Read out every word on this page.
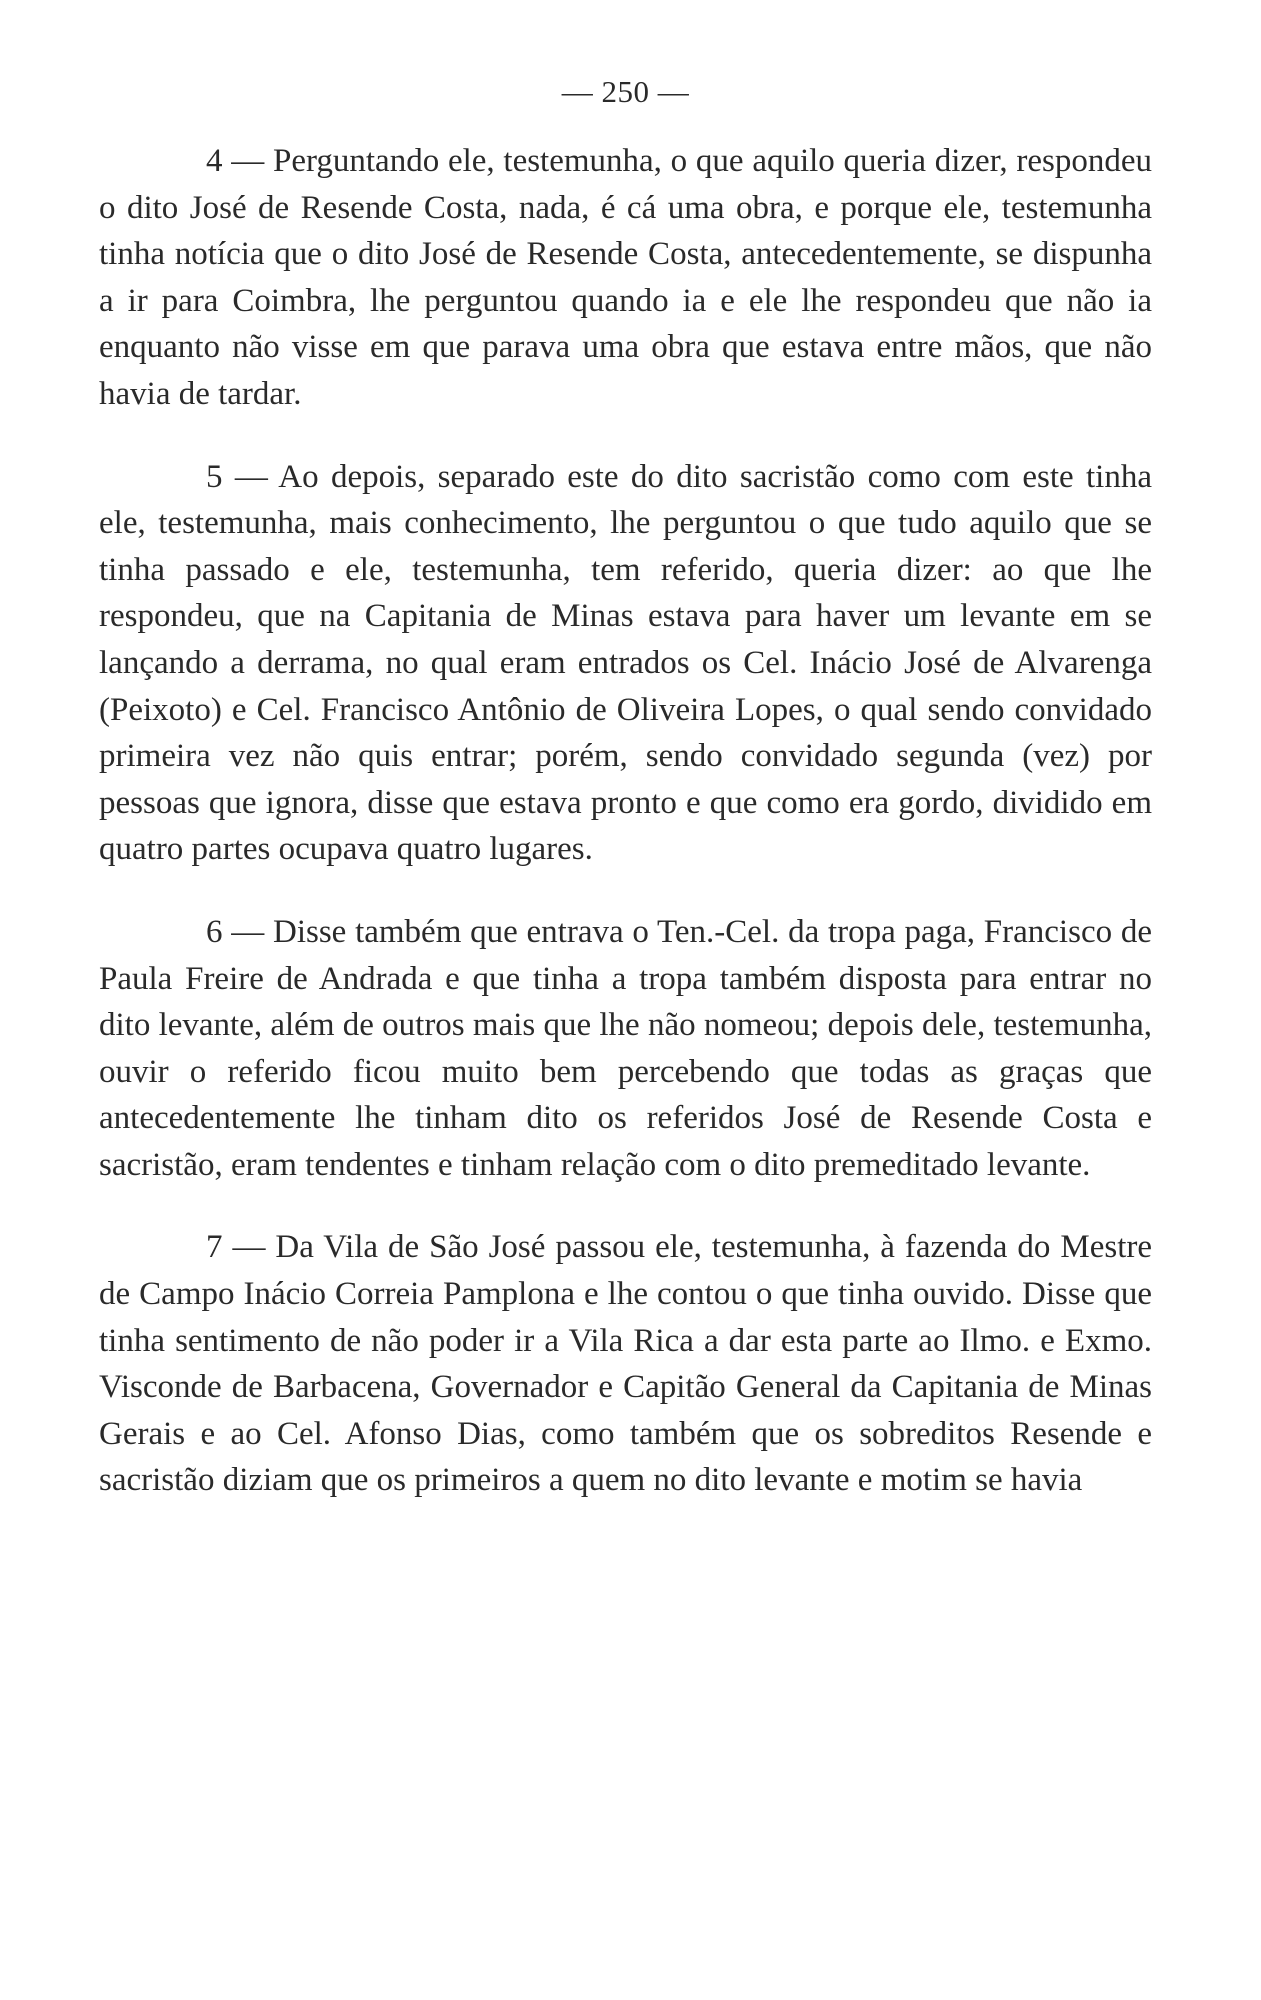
— 250 —

4 — Perguntando ele, testemunha, o que aquilo queria dizer, respondeu o dito José de Resende Costa, nada, é cá uma obra, e porque ele, testemunha tinha notícia que o dito José de Resende Costa, antecedentemente, se dispunha a ir para Coimbra, lhe perguntou quando ia e ele lhe respondeu que não ia enquanto não visse em que parava uma obra que estava entre mãos, que não havia de tardar.

5 — Ao depois, separado este do dito sacristão como com este tinha ele, testemunha, mais conhecimento, lhe perguntou o que tudo aquilo que se tinha passado e ele, testemunha, tem referido, queria dizer: ao que lhe respondeu, que na Capitania de Minas estava para haver um levante em se lançando a derrama, no qual eram entrados os Cel. Inácio José de Alvarenga (Peixoto) e Cel. Francisco Antônio de Oliveira Lopes, o qual sendo convidado primeira vez não quis entrar; porém, sendo convidado segunda (vez) por pessoas que ignora, disse que estava pronto e que como era gordo, dividido em quatro partes ocupava quatro lugares.

6 — Disse também que entrava o Ten.-Cel. da tropa paga, Francisco de Paula Freire de Andrada e que tinha a tropa também disposta para entrar no dito levante, além de outros mais que lhe não nomeou; depois dele, testemunha, ouvir o referido ficou muito bem percebendo que todas as graças que antecedentemente lhe tinham dito os referidos José de Resende Costa e sacristão, eram tendentes e tinham relação com o dito premeditado levante.

7 — Da Vila de São José passou ele, testemunha, à fazenda do Mestre de Campo Inácio Correia Pamplona e lhe contou o que tinha ouvido. Disse que tinha sentimento de não poder ir a Vila Rica a dar esta parte ao Ilmo. e Exmo. Visconde de Barbacena, Governador e Capitão General da Capitania de Minas Gerais e ao Cel. Afonso Dias, como também que os sobreditos Resende e sacristão diziam que os primeiros a quem no dito levante e motim se havia
